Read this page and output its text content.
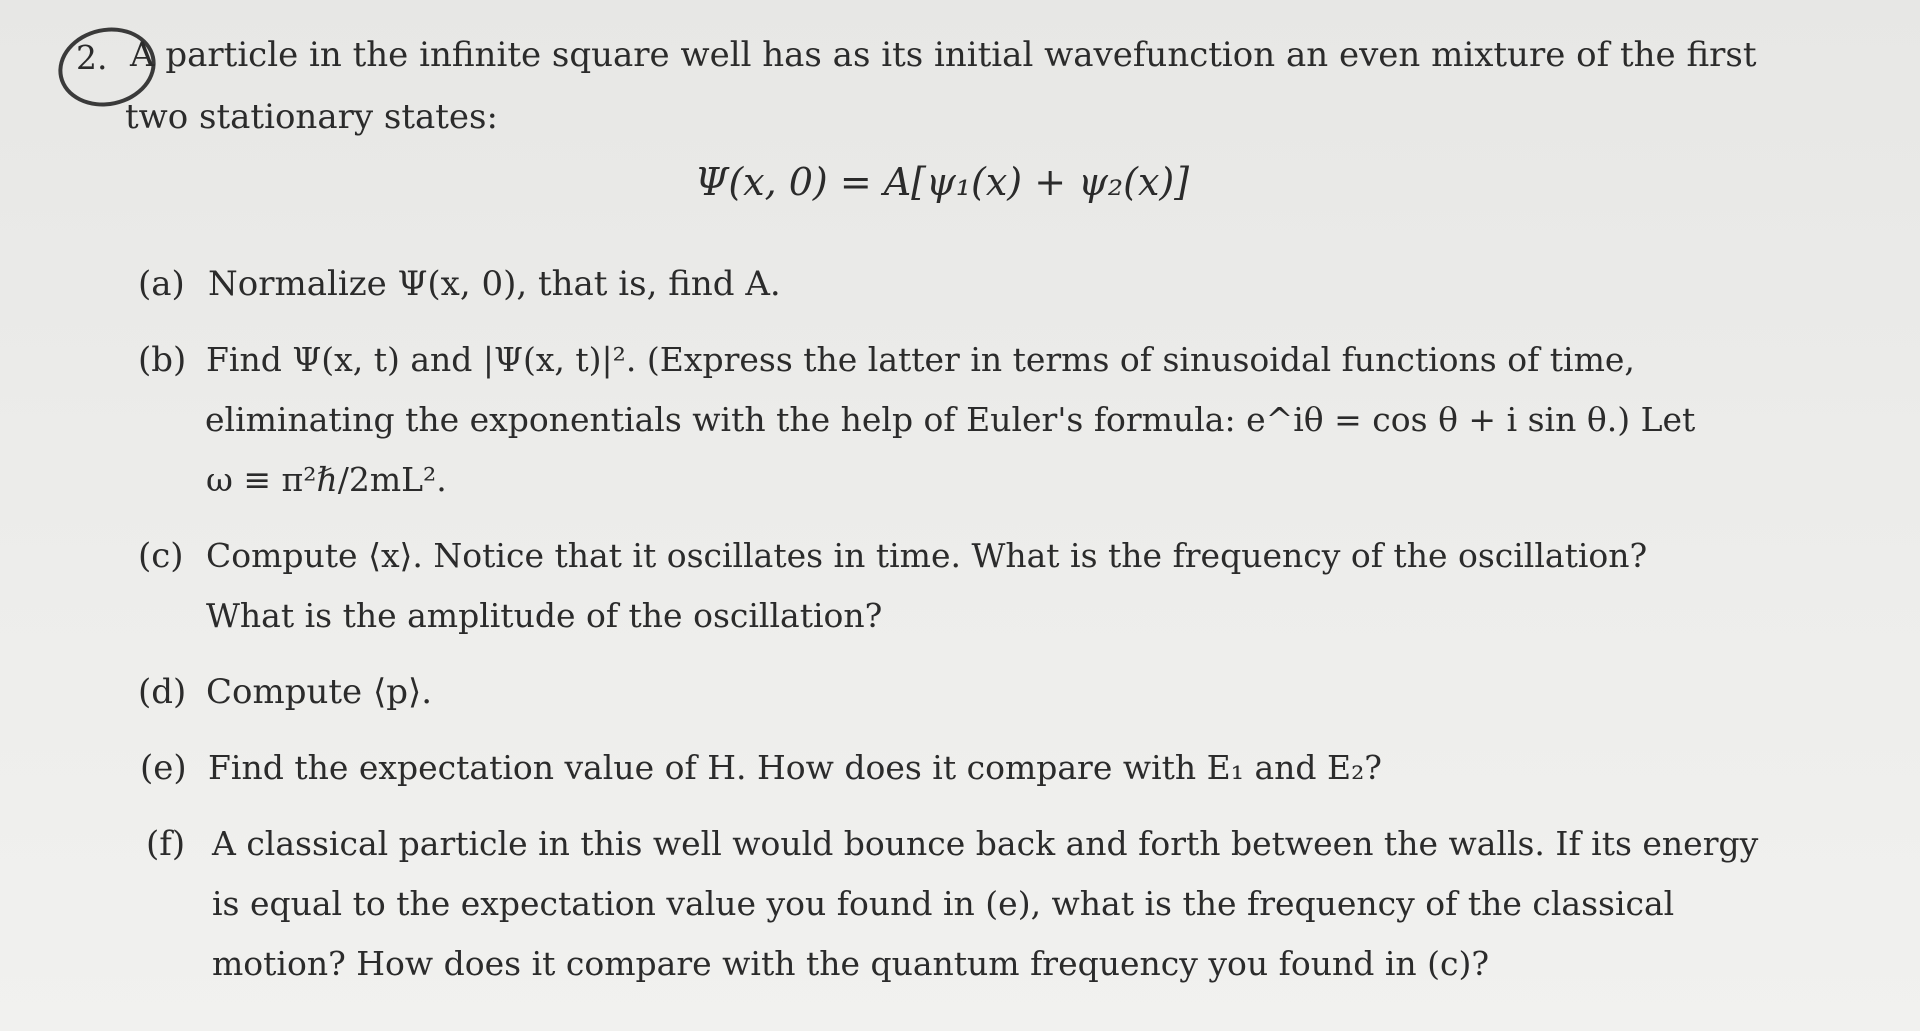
2. A particle in the infinite square well has as its initial wavefunction an even mixture of the first
two stationary states:
Ψ(x, 0) = A[ψ₁(x) + ψ₂(x)]
(a) Normalize Ψ(x, 0), that is, find A.
(b) Find Ψ(x, t) and |Ψ(x, t)|². (Express the latter in terms of sinusoidal functions of time,
eliminating the exponentials with the help of Euler's formula: e^iθ = cos θ + i sin θ.) Let
ω ≡ π²ℏ/2mL².
(c) Compute ⟨x⟩. Notice that it oscillates in time. What is the frequency of the oscillation?
What is the amplitude of the oscillation?
(d) Compute ⟨p⟩.
(e) Find the expectation value of H. How does it compare with E₁ and E₂?
(f) A classical particle in this well would bounce back and forth between the walls. If its energy
is equal to the expectation value you found in (e), what is the frequency of the classical
motion? How does it compare with the quantum frequency you found in (c)?
